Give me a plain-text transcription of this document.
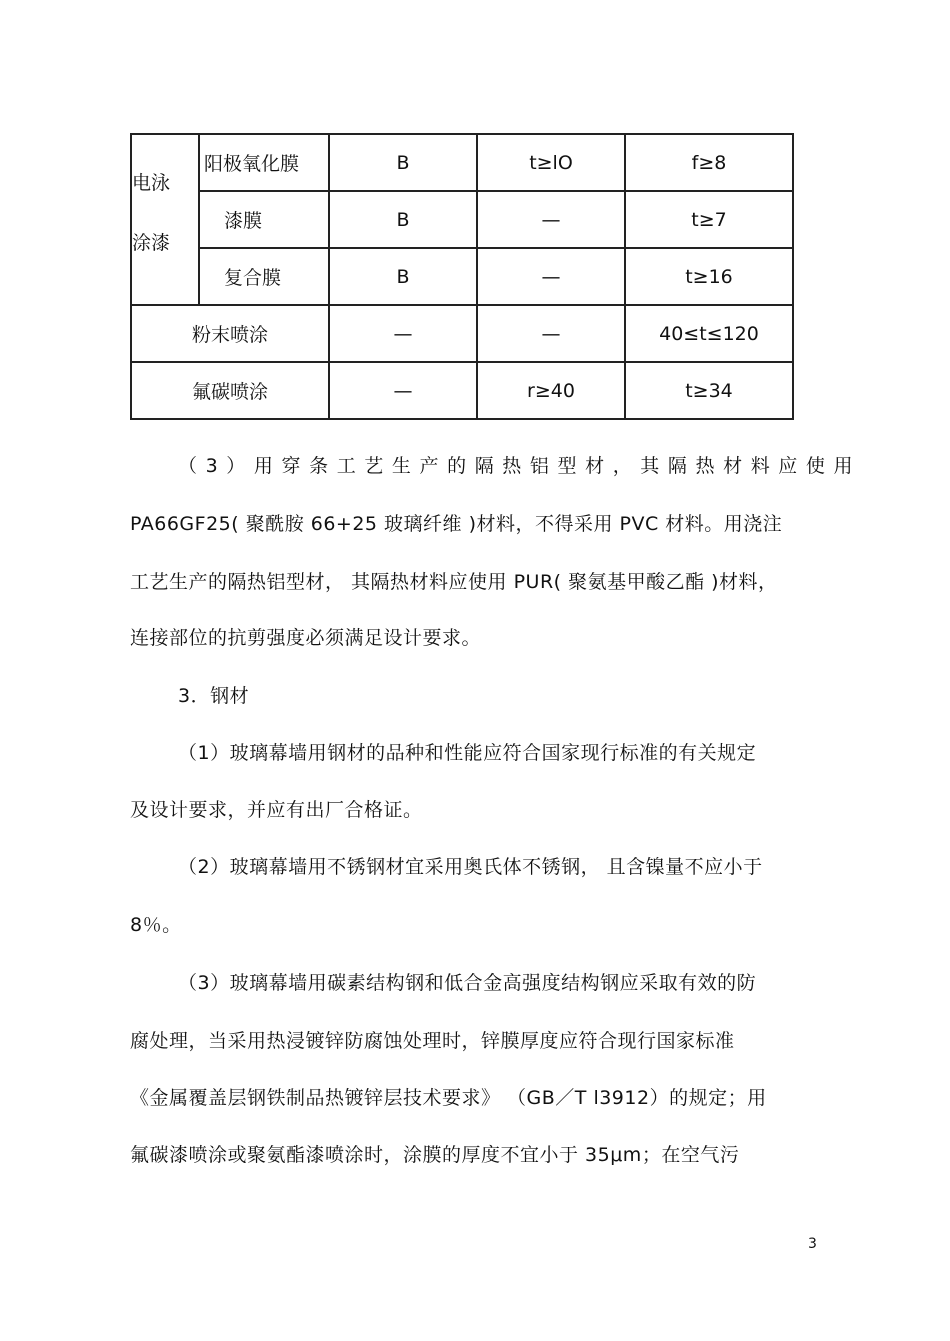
电泳
涂漆	阳极氧化膜	B	t≥lO	f≥8
	漆膜	B	—	t≥7
	复合膜	B	—	t≥16
粉末喷涂		—	—	40≤t≤120
氟碳喷涂		—	r≥40	t≥34
（3）用穿条工艺生产的隔热铝型材，其隔热材料应使用
PA66GF25( 聚酰胺 66+25 玻璃纤维 )材料，不得采用 PVC 材料。用浇注
工艺生产的隔热铝型材， 其隔热材料应使用 PUR( 聚氨基甲酸乙酯 )材料，
连接部位的抗剪强度必须满足设计要求。
3．钢材
（1）玻璃幕墙用钢材的品种和性能应符合国家现行标准的有关规定
及设计要求，并应有出厂合格证。
（2）玻璃幕墙用不锈钢材宜采用奥氏体不锈钢， 且含镍量不应小于
8％。
（3）玻璃幕墙用碳素结构钢和低合金高强度结构钢应采取有效的防
腐处理，当采用热浸镀锌防腐蚀处理时，锌膜厚度应符合现行国家标准
《金属覆盖层钢铁制品热镀锌层技术要求》 （GB／T l3912）的规定；用
氟碳漆喷涂或聚氨酯漆喷涂时，涂膜的厚度不宜小于 35μm；在空气污
3
